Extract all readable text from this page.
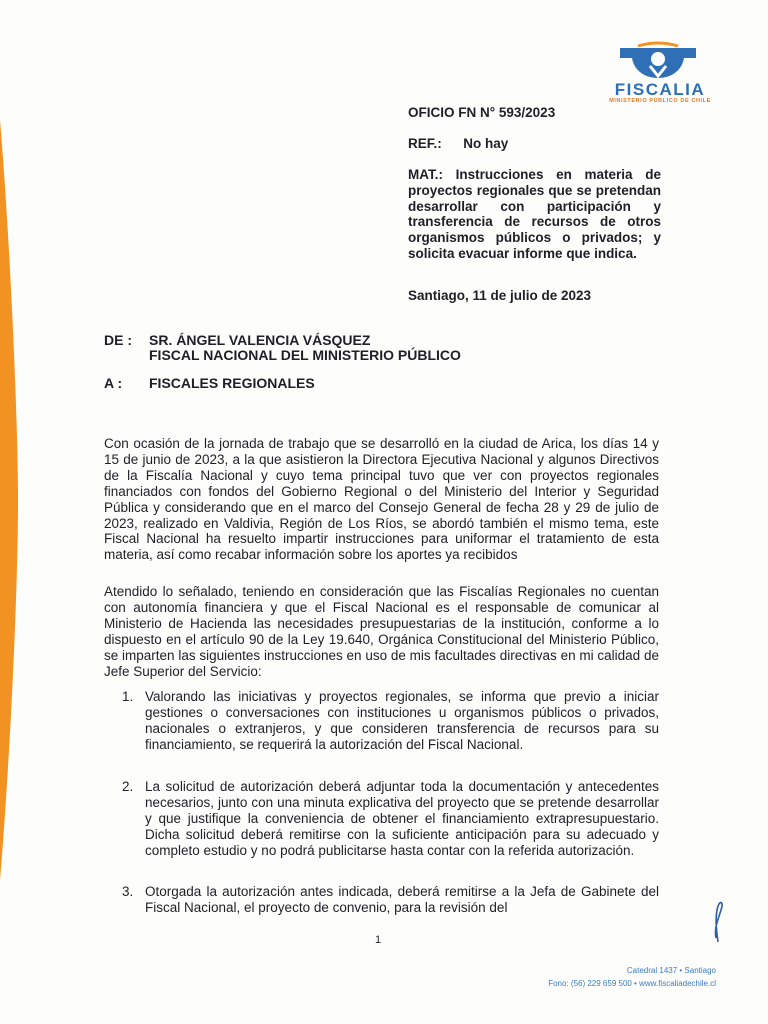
FISCALIA
MINISTERIO PÚBLICO DE CHILE
OFICIO FN N° 593/2023
REF.: No hay
MAT.: Instrucciones en materia de proyectos regionales que se pretendan desarrollar con participación y transferencia de recursos de otros organismos públicos o privados; y solicita evacuar informe que indica.
Santiago, 11 de julio de 2023
DE :	SR. ÁNGEL VALENCIA VÁSQUEZ
FISCAL NACIONAL DEL MINISTERIO PÚBLICO
A :	FISCALES REGIONALES
Con ocasión de la jornada de trabajo que se desarrolló en la ciudad de Arica, los días 14 y 15 de junio de 2023, a la que asistieron la Directora Ejecutiva Nacional y algunos Directivos de la Fiscalía Nacional y cuyo tema principal tuvo que ver con proyectos regionales financiados con fondos del Gobierno Regional o del Ministerio del Interior y Seguridad Pública y considerando que en el marco del Consejo General de fecha 28 y 29 de julio de 2023, realizado en Valdivia, Región de Los Ríos, se abordó también el mismo tema, este Fiscal Nacional ha resuelto impartir instrucciones para uniformar el tratamiento de esta materia, así como recabar información sobre los aportes ya recibidos
Atendido lo señalado, teniendo en consideración que las Fiscalías Regionales no cuentan con autonomía financiera y que el Fiscal Nacional es el responsable de comunicar al Ministerio de Hacienda las necesidades presupuestarias de la institución, conforme a lo dispuesto en el artículo 90 de la Ley 19.640, Orgánica Constitucional del Ministerio Público, se imparten las siguientes instrucciones en uso de mis facultades directivas en mi calidad de Jefe Superior del Servicio:
1. Valorando las iniciativas y proyectos regionales, se informa que previo a iniciar gestiones o conversaciones con instituciones u organismos públicos o privados, nacionales o extranjeros, y que consideren transferencia de recursos para su financiamiento, se requerirá la autorización del Fiscal Nacional.
2. La solicitud de autorización deberá adjuntar toda la documentación y antecedentes necesarios, junto con una minuta explicativa del proyecto que se pretende desarrollar y que justifique la conveniencia de obtener el financiamiento extrapresupuestario. Dicha solicitud deberá remitirse con la suficiente anticipación para su adecuado y completo estudio y no podrá publicitarse hasta contar con la referida autorización.
3. Otorgada la autorización antes indicada, deberá remitirse a la Jefa de Gabinete del Fiscal Nacional, el proyecto de convenio, para la revisión del
1
Catedral 1437 • Santiago
Fono: (56) 229 659 500 • www.fiscaliadechile.cl
